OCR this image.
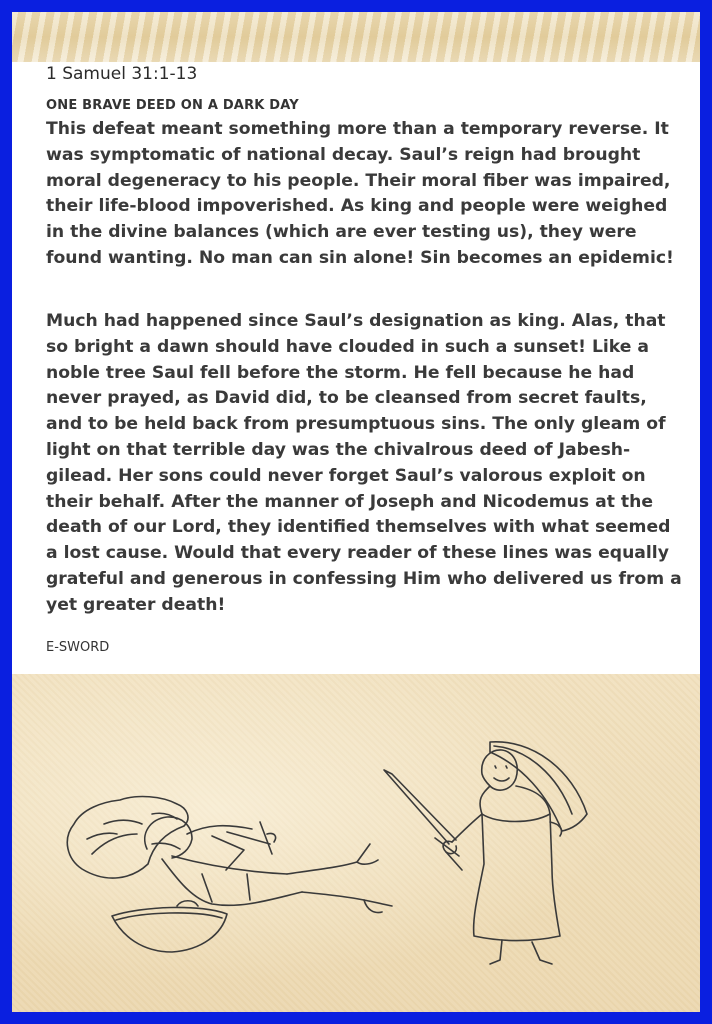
1 Samuel 31:1-13
ONE BRAVE DEED ON A DARK DAY

This defeat meant something more than a temporary reverse. It was symptomatic of national decay. Saul’s reign had brought moral degeneracy to his people. Their moral fiber was impaired, their life-blood impoverished. As king and people were weighed in the divine balances (which are ever testing us), they were found wanting. No man can sin alone! Sin becomes an epidemic!

Much had happened since Saul’s designation as king. Alas, that so bright a dawn should have clouded in such a sunset! Like a noble tree Saul fell before the storm. He fell because he had never prayed, as David did, to be cleansed from secret faults, and to be held back from presumptuous sins. The only gleam of light on that terrible day was the chivalrous deed of Jabesh-gilead. Her sons could never forget Saul’s valorous exploit on their behalf. After the manner of Joseph and Nicodemus at the death of our Lord, they identified themselves with what seemed a lost cause. Would that every reader of these lines was equally grateful and generous in confessing Him who delivered us from a yet greater death!

E-SWORD
